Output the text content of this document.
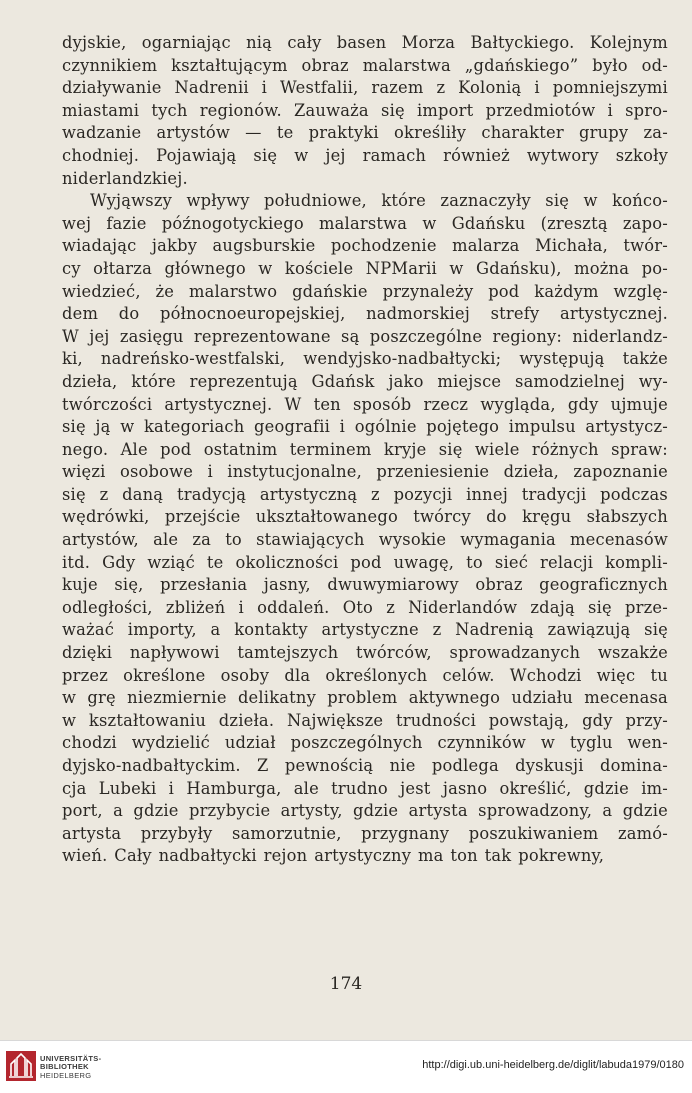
dyjskie, ogarniając nią cały basen Morza Bałtyckiego. Kolejnym
czynnikiem kształtującym obraz malarstwa „gdańskiego” było od-
działywanie Nadrenii i Westfalii, razem z Kolonią i pomniejszymi
miastami tych regionów. Zauważa się import przedmiotów i spro-
wadzanie artystów — te praktyki określiły charakter grupy za-
chodniej. Pojawiają się w jej ramach również wytwory szkoły
niderlandzkiej.
Wyjąwszy wpływy południowe, które zaznaczyły się w końco-
wej fazie późnogotyckiego malarstwa w Gdańsku (zresztą zapo-
wiadając jakby augsburskie pochodzenie malarza Michała, twór-
cy ołtarza głównego w kościele NPMarii w Gdańsku), można po-
wiedzieć, że malarstwo gdańskie przynależy pod każdym wzglę-
dem do północnoeuropejskiej, nadmorskiej strefy artystycznej.
W jej zasięgu reprezentowane są poszczególne regiony: niderlandz-
ki, nadreńsko-westfalski, wendyjsko-nadbałtycki; występują także
dzieła, które reprezentują Gdańsk jako miejsce samodzielnej wy-
twórczości artystycznej. W ten sposób rzecz wygląda, gdy ujmuje
się ją w kategoriach geografii i ogólnie pojętego impulsu artystycz-
nego. Ale pod ostatnim terminem kryje się wiele różnych spraw:
więzi osobowe i instytucjonalne, przeniesienie dzieła, zapoznanie
się z daną tradycją artystyczną z pozycji innej tradycji podczas
wędrówki, przejście ukształtowanego twórcy do kręgu słabszych
artystów, ale za to stawiających wysokie wymagania mecenasów
itd. Gdy wziąć te okoliczności pod uwagę, to sieć relacji kompli-
kuje się, przesłania jasny, dwuwymiarowy obraz geograficznych
odległości, zbliżeń i oddaleń. Oto z Niderlandów zdają się prze-
ważać importy, a kontakty artystyczne z Nadrenią zawiązują się
dzięki napływowi tamtejszych twórców, sprowadzanych wszakże
przez określone osoby dla określonych celów. Wchodzi więc tu
w grę niezmiernie delikatny problem aktywnego udziału mecenasa
w kształtowaniu dzieła. Największe trudności powstają, gdy przy-
chodzi wydzielić udział poszczególnych czynników w tyglu wen-
dyjsko-nadbałtyckim. Z pewnością nie podlega dyskusji domina-
cja Lubeki i Hamburga, ale trudno jest jasno określić, gdzie im-
port, a gdzie przybycie artysty, gdzie artysta sprowadzony, a gdzie
artysta przybyły samorzutnie, przygnany poszukiwaniem zamó-
wień. Cały nadbałtycki rejon artystyczny ma ton tak pokrewny,
174
UNIVERSITÄTS-
BIBLIOTHEK
HEIDELBERG
http://digi.ub.uni-heidelberg.de/diglit/labuda1979/0180
